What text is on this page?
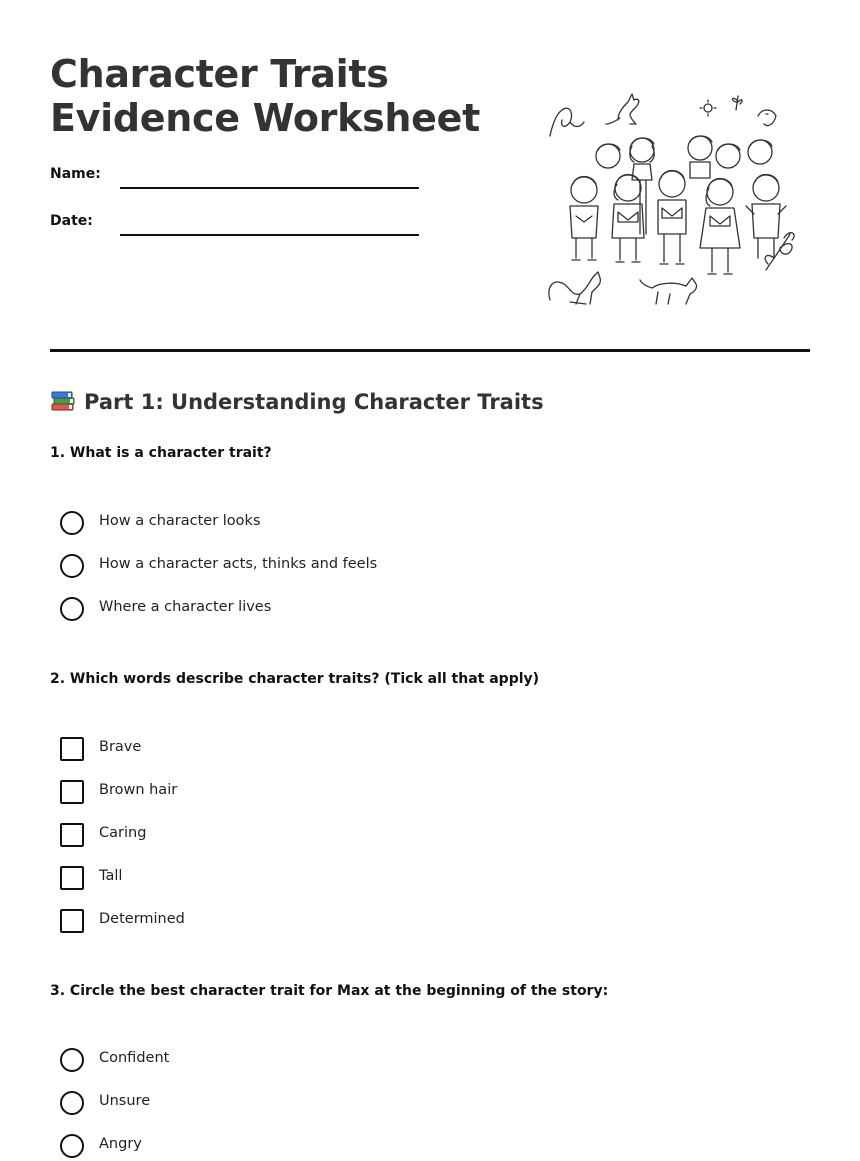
Character Traits
Evidence Worksheet
Name:
Date:
Part 1: Understanding Character Traits

1. What is a character trait?

How a character looks
How a character acts, thinks and feels
Where a character lives

2. Which words describe character traits? (Tick all that apply)

Brave
Brown hair
Caring
Tall
Determined

3. Circle the best character trait for Max at the beginning of the story:

Confident
Unsure
Angry
